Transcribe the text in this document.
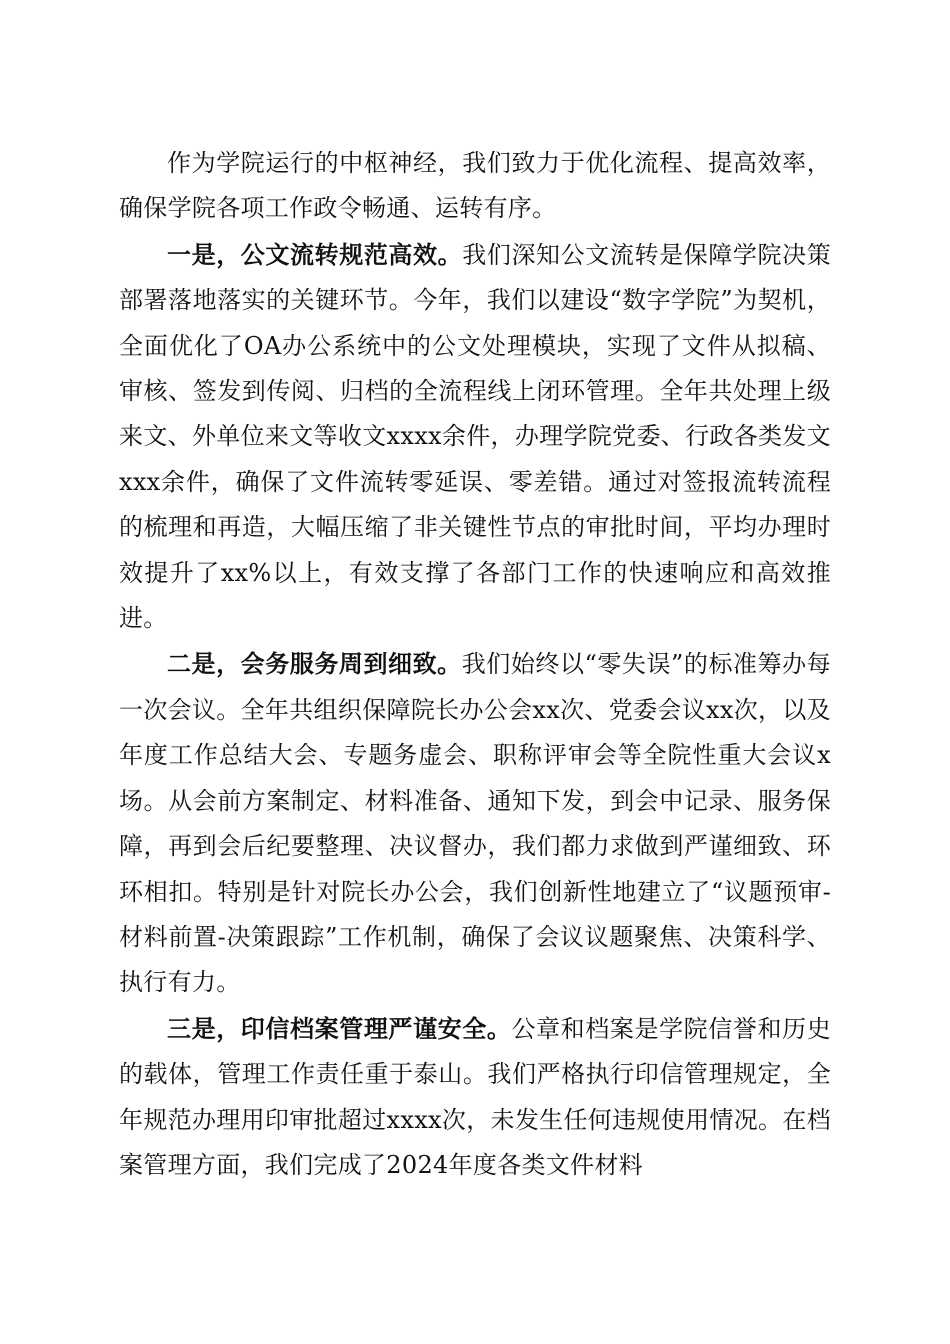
作为学院运行的中枢神经，我们致力于优化流程、提高效率，确保学院各项工作政令畅通、运转有序。

一是，公文流转规范高效。我们深知公文流转是保障学院决策部署落地落实的关键环节。今年，我们以建设“数字学院”为契机，全面优化了OA办公系统中的公文处理模块，实现了文件从拟稿、审核、签发到传阅、归档的全流程线上闭环管理。全年共处理上级来文、外单位来文等收文xxxx余件，办理学院党委、行政各类发文xxx余件，确保了文件流转零延误、零差错。通过对签报流转流程的梳理和再造，大幅压缩了非关键性节点的审批时间，平均办理时效提升了xx%以上，有效支撑了各部门工作的快速响应和高效推进。

二是，会务服务周到细致。我们始终以“零失误”的标准筹办每一次会议。全年共组织保障院长办公会xx次、党委会议xx次，以及年度工作总结大会、专题务虚会、职称评审会等全院性重大会议x场。从会前方案制定、材料准备、通知下发，到会中记录、服务保障，再到会后纪要整理、决议督办，我们都力求做到严谨细致、环环相扣。特别是针对院长办公会，我们创新性地建立了“议题预审-材料前置-决策跟踪”工作机制，确保了会议议题聚焦、决策科学、执行有力。

三是，印信档案管理严谨安全。公章和档案是学院信誉和历史的载体，管理工作责任重于泰山。我们严格执行印信管理规定，全年规范办理用印审批超过xxxx次，未发生任何违规使用情况。在档案管理方面，我们完成了2024年度各类文件材料
